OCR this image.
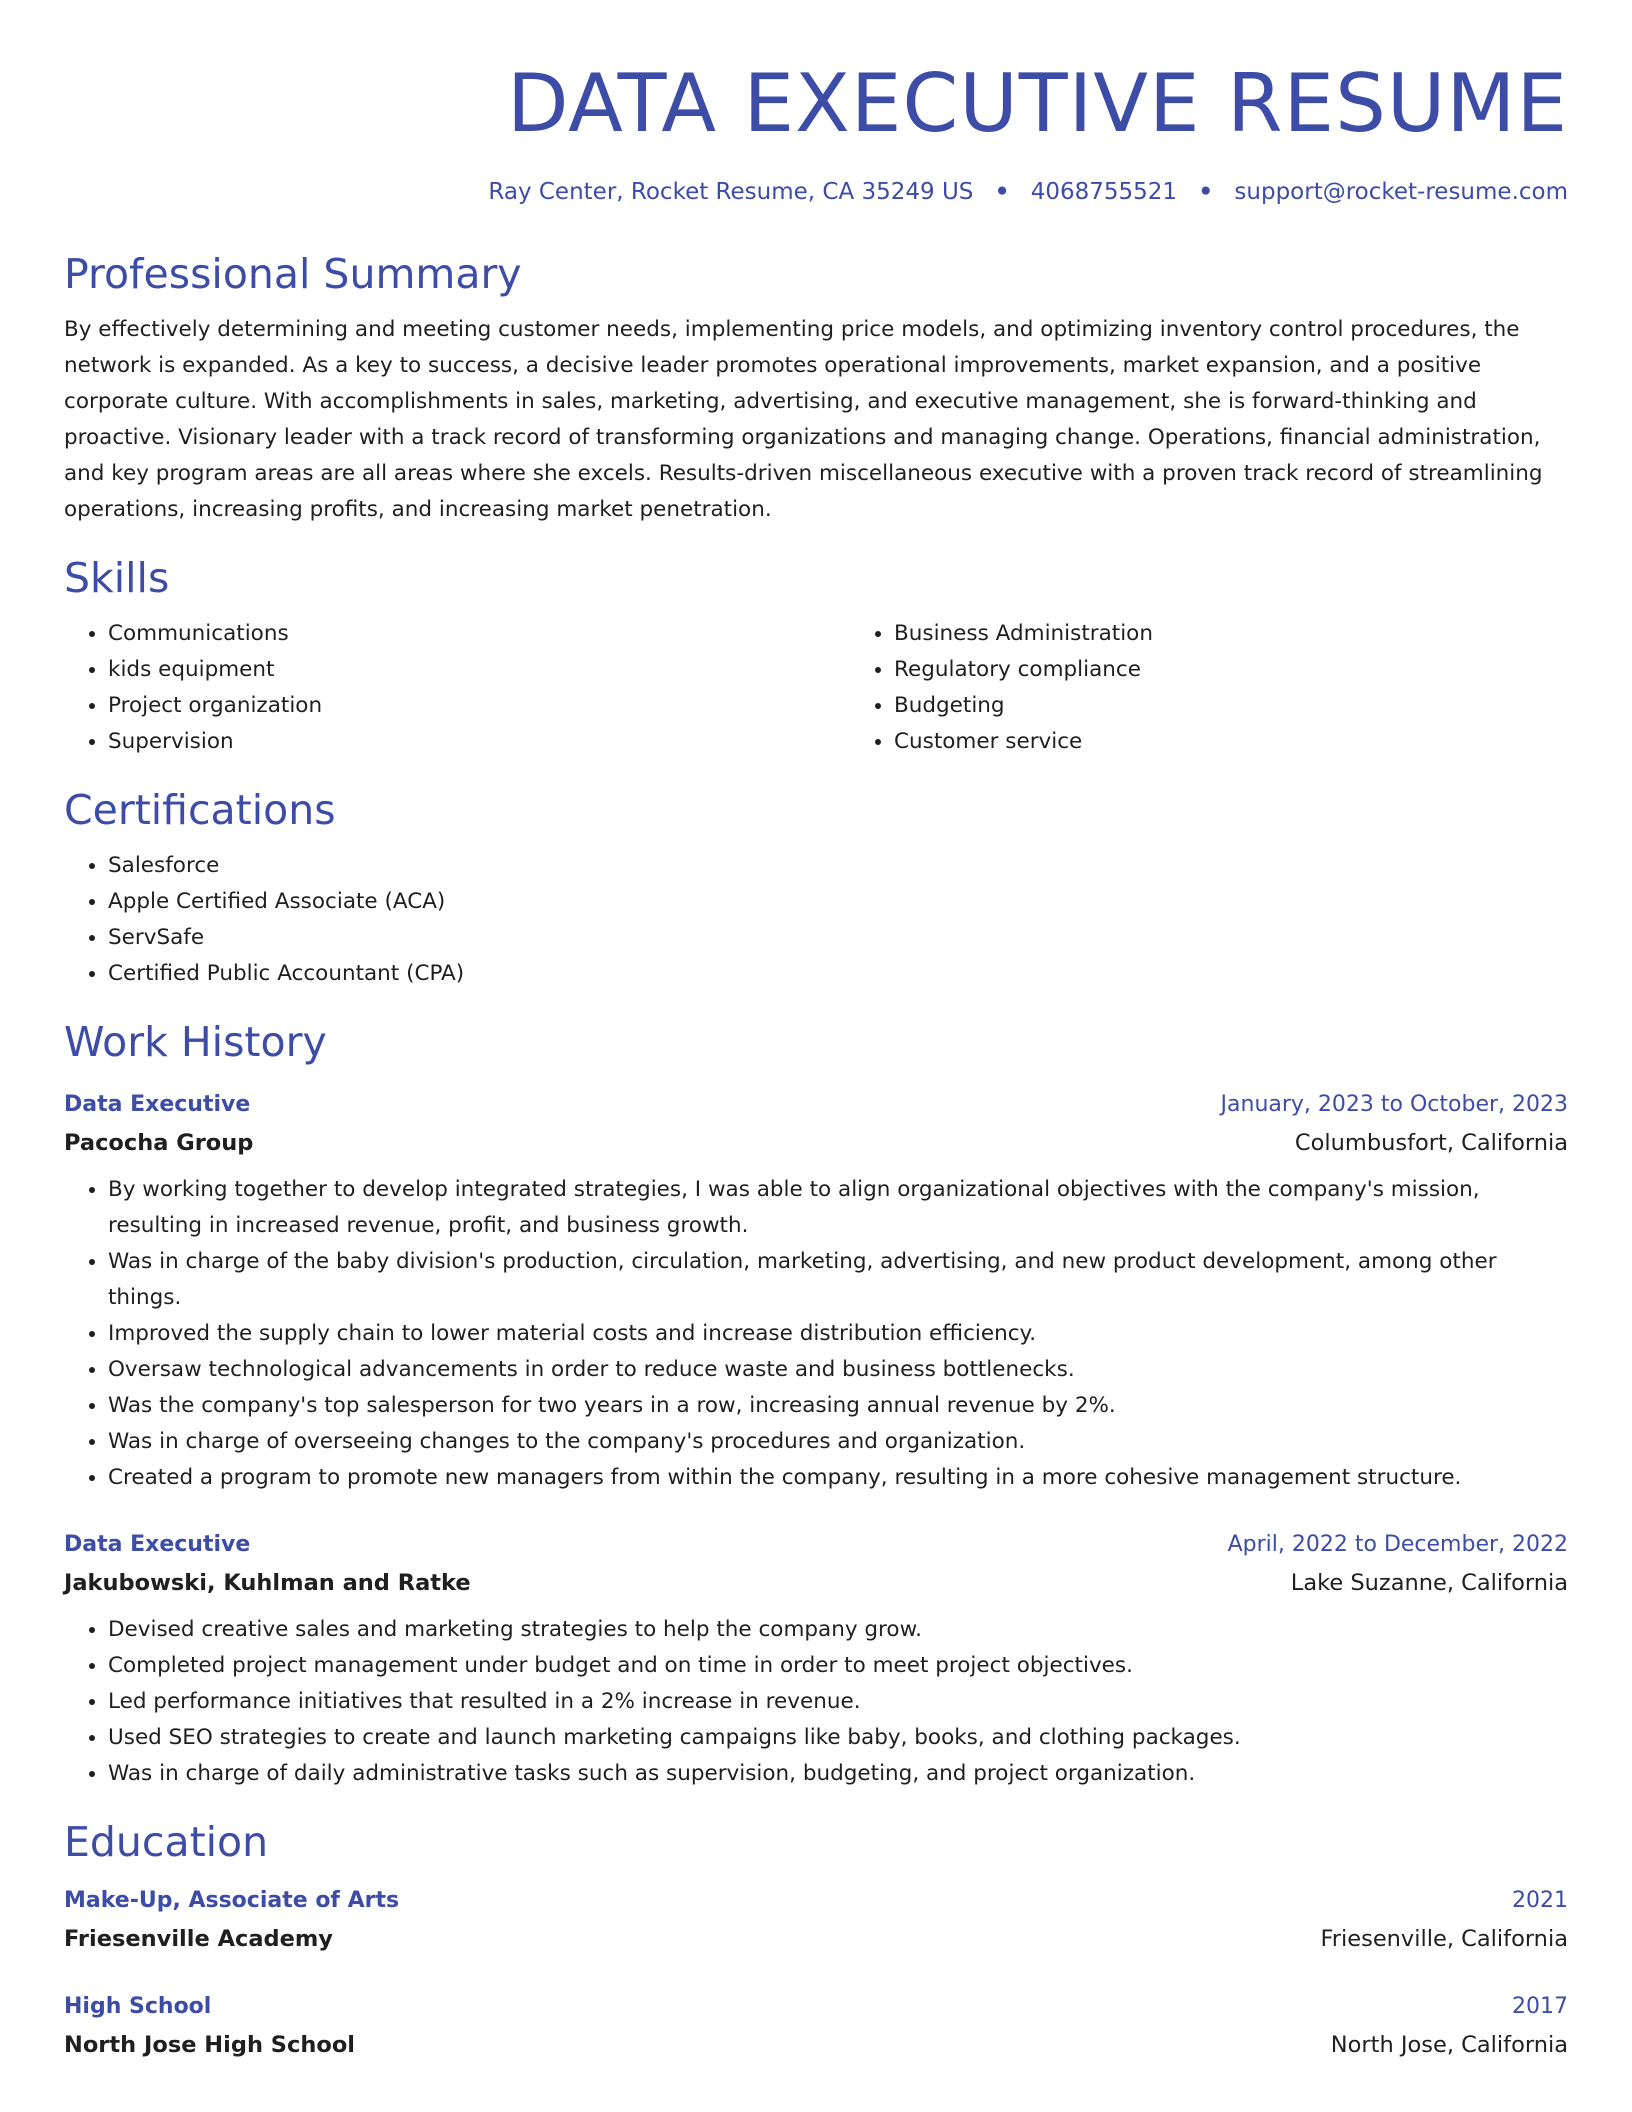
DATA EXECUTIVE RESUME
Ray Center, Rocket Resume, CA 35249 US • 4068755521 • support@rocket-resume.com
Professional Summary

By effectively determining and meeting customer needs, implementing price models, and optimizing inventory control procedures, the network is expanded. As a key to success, a decisive leader promotes operational improvements, market expansion, and a positive corporate culture. With accomplishments in sales, marketing, advertising, and executive management, she is forward-thinking and proactive. Visionary leader with a track record of transforming organizations and managing change. Operations, financial administration, and key program areas are all areas where she excels. Results-driven miscellaneous executive with a proven track record of streamlining operations, increasing profits, and increasing market penetration.

Skills
• Communications
• kids equipment
• Project organization
• Supervision
• Business Administration
• Regulatory compliance
• Budgeting
• Customer service
Certifications
• Salesforce
• Apple Certified Associate (ACA)
• ServSafe
• Certified Public Accountant (CPA)
Work History
Data Executive	January, 2023 to October, 2023
Pacocha Group	Columbusfort, California
• By working together to develop integrated strategies, I was able to align organizational objectives with the company's mission, resulting in increased revenue, profit, and business growth.
• Was in charge of the baby division's production, circulation, marketing, advertising, and new product development, among other things.
• Improved the supply chain to lower material costs and increase distribution efficiency.
• Oversaw technological advancements in order to reduce waste and business bottlenecks.
• Was the company's top salesperson for two years in a row, increasing annual revenue by 2%.
• Was in charge of overseeing changes to the company's procedures and organization.
• Created a program to promote new managers from within the company, resulting in a more cohesive management structure.
Data Executive	April, 2022 to December, 2022
Jakubowski, Kuhlman and Ratke	Lake Suzanne, California
• Devised creative sales and marketing strategies to help the company grow.
• Completed project management under budget and on time in order to meet project objectives.
• Led performance initiatives that resulted in a 2% increase in revenue.
• Used SEO strategies to create and launch marketing campaigns like baby, books, and clothing packages.
• Was in charge of daily administrative tasks such as supervision, budgeting, and project organization.
Education
Make-Up, Associate of Arts	2021
Friesenville Academy	Friesenville, California
High School	2017
North Jose High School	North Jose, California
